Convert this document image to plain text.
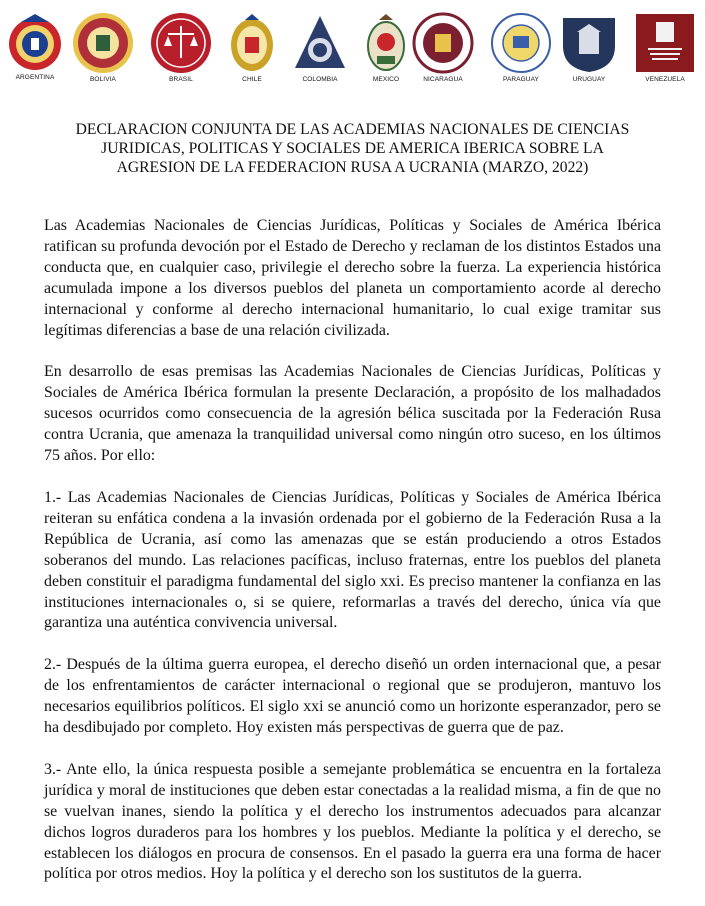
ARGENTINA	BOLIVIA	BRASIL	CHILE	COLOMBIA	MEXICO	NICARAGUA	PARAGUAY	URUGUAY	VENEZUELA
DECLARACION CONJUNTA DE LAS ACADEMIAS NACIONALES DE CIENCIAS
JURIDICAS, POLITICAS Y SOCIALES DE AMERICA IBERICA SOBRE LA
AGRESION DE LA FEDERACION RUSA A UCRANIA (MARZO, 2022)

Las Academias Nacionales de Ciencias Jurídicas, Políticas y Sociales de América Ibérica ratifican su profunda devoción por el Estado de Derecho y reclaman de los distintos Estados una conducta que, en cualquier caso, privilegie el derecho sobre la fuerza. La experiencia histórica acumulada impone a los diversos pueblos del planeta un comportamiento acorde al derecho internacional y conforme al derecho internacional humanitario, lo cual exige tramitar sus legítimas diferencias a base de una relación civilizada.

En desarrollo de esas premisas las Academias Nacionales de Ciencias Jurídicas, Políticas y Sociales de América Ibérica formulan la presente Declaración, a propósito de los malhadados sucesos ocurridos como consecuencia de la agresión bélica suscitada por la Federación Rusa contra Ucrania, que amenaza la tranquilidad universal como ningún otro suceso, en los últimos 75 años. Por ello:

1.- Las Academias Nacionales de Ciencias Jurídicas, Políticas y Sociales de América Ibérica reiteran su enfática condena a la invasión ordenada por el gobierno de la Federación Rusa a la República de Ucrania, así como las amenazas que se están produciendo a otros Estados soberanos del mundo. Las relaciones pacíficas, incluso fraternas, entre los pueblos del planeta deben constituir el paradigma fundamental del siglo xxi. Es preciso mantener la confianza en las instituciones internacionales o, si se quiere, reformarlas a través del derecho, única vía que garantiza una auténtica convivencia universal.

2.- Después de la última guerra europea, el derecho diseñó un orden internacional que, a pesar de los enfrentamientos de carácter internacional o regional que se produjeron, mantuvo los necesarios equilibrios políticos. El siglo xxi se anunció como un horizonte esperanzador, pero se ha desdibujado por completo. Hoy existen más perspectivas de guerra que de paz.

3.- Ante ello, la única respuesta posible a semejante problemática se encuentra en la fortaleza jurídica y moral de instituciones que deben estar conectadas a la realidad misma, a fin de que no se vuelvan inanes, siendo la política y el derecho los instrumentos adecuados para alcanzar dichos logros duraderos para los hombres y los pueblos. Mediante la política y el derecho, se establecen los diálogos en procura de consensos. En el pasado la guerra era una forma de hacer política por otros medios. Hoy la política y el derecho son los sustitutos de la guerra.
